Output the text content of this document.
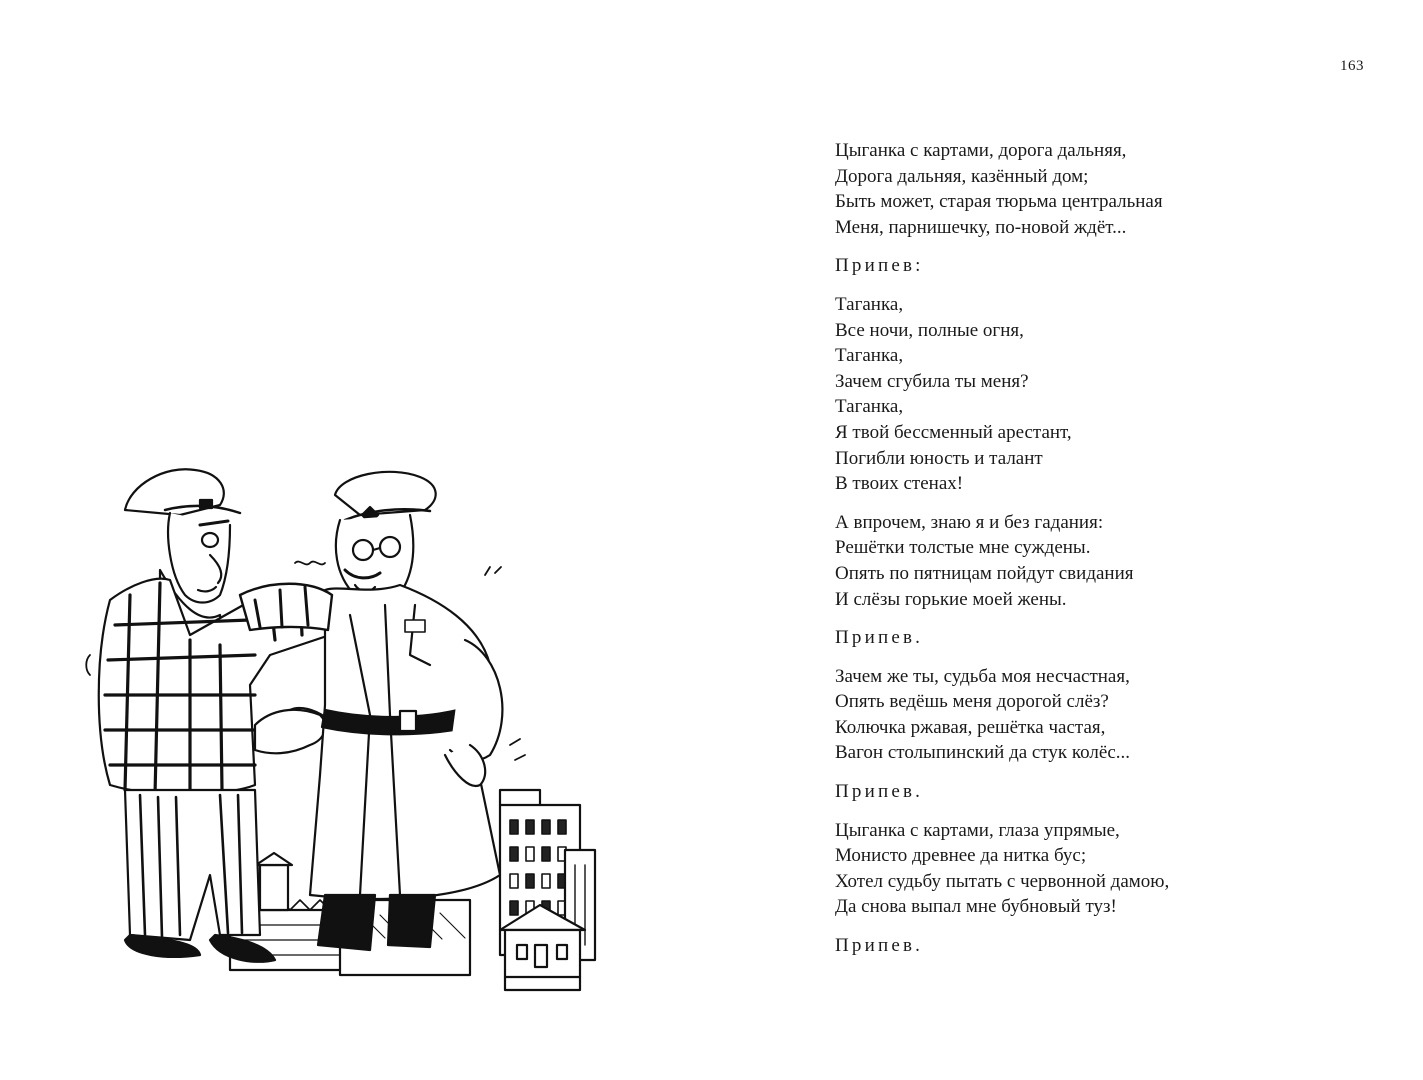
163
Цыганка с картами, дорога дальняя,
Дорога дальняя, казённый дом;
Быть может, старая тюрьма центральная
Меня, парнишечку, по-новой ждёт...
Припев:
Таганка,
Все ночи, полные огня,
Таганка,
Зачем сгубила ты меня?
Таганка,
Я твой бессменный арестант,
Погибли юность и талант
В твоих стенах!
А впрочем, знаю я и без гадания:
Решётки толстые мне суждены.
Опять по пятницам пойдут свидания
И слёзы горькие моей жены.
Припев.
Зачем же ты, судьба моя несчастная,
Опять ведёшь меня дорогой слёз?
Колючка ржавая, решётка частая,
Вагон столыпинский да стук колёс...
Припев.
Цыганка с картами, глаза упрямые,
Монисто древнее да нитка бус;
Хотел судьбу пытать с червонной дамою,
Да снова выпал мне бубновый туз!
Припев.
